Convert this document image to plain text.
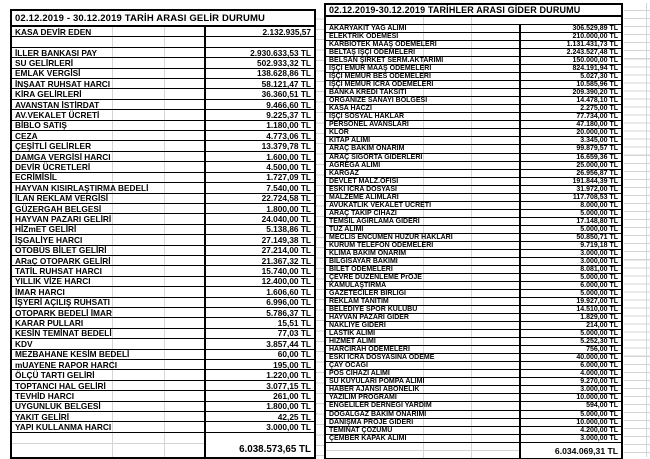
02.12.2019 - 30.12.2019 TARİH ARASI GELİR DURUMU
KASA DEVİR EDEN	2.132.935,57
İLLER BANKASI PAY	2.930.633,53 TL
SU GELİRLERİ	502.933,32 TL
EMLAK VERGİSİ	138.628,86 TL
İNŞAAT RUHSAT HARCI	58.121,47 TL
KİRA GELİRLERİ	36.360,51 TL
AVANSTAN İSTİRDAT	9.466,60 TL
AV.VEKALET ÜCRETİ	9.225,37 TL
BİBLO SATIŞ	1.180,00 TL
CEZA	4.773,06 TL
ÇEŞİTLİ GELİRLER	13.379,78 TL
DAMGA VERGİSİ HARCI	1.600,00 TL
DEVİR ÜCRETLERİ	4.500,00 TL
ECRİMİSİL	1.727,09 TL
HAYVAN KISIRLAŞTIRMA BEDELİ	7.540,00 TL
İLAN REKLAM VERGİSİ	22.724,58 TL
GÜZERGAH BELGESİ	1.800,00 TL
HAYVAN PAZARI GELİRİ	24.040,00 TL
HİZmET GELİRİ	5.138,86 TL
İŞGALİYE HARCI	27.149,38 TL
OTOBÜS BİLET GELİRİ	27.214,00 TL
ARaÇ OTOPARK GELİRİ	21.367,32 TL
TATİL RUHSAT HARCI	15.740,00 TL
YILLIK VİZE HARCI	12.400,00 TL
İMAR HARCI	1.606,60 TL
İŞYERİ AÇILIŞ RUHSATI	6.996,00 TL
OTOPARK BEDELİ İMAR	5.786,37 TL
KARAR PULLARI	15,51 TL
KESİN TEMİNAT BEDELİ	77,03 TL
KDV	3.857,44 TL
MEZBAHANE KESİM BEDELİ	60,00 TL
mUAYENE RAPOR HARCI	195,00 TL
ÖLÇÜ TARTI GELİRİ	1.220,00 TL
TOPTANCI HAL GELİRİ	3.077,15 TL
TEVHİD HARCI	261,00 TL
UYGUNLUK BELGESİ	1.800,00 TL
YAKIT GELİRİ	42,25 TL
YAPI KULLANMA HARCI	3.000,00 TL
6.038.573,65 TL
02.12.2019-30.12.2019 TARİHLER ARASI GİDER DURUMU
AKARYAKIT YAĞ ALIMI	306.529,89 TL
ELEKTRİK ÖDEMESİ	210.000,00 TL
KARBİOTEK MAAŞ ÖDEMELERİ	1.131.431,73 TL
BELTAŞ İŞÇİ ÖDEMELERİ	2.243.527,48 TL
BELSAN ŞİRKET SERM.AKTARIMI	150.000,00 TL
İŞÇİ EMUR MAAŞ ÖDEMELERİ	824.191,94 TL
İŞÇİ MEMUR BES ÖDEMELERİ	5.027,30 TL
İŞÇİ MEMUR İCRA ÖDEMELERİ	10.585,96 TL
BANKA KREDİ TAKSİTİ	209.390,20 TL
ORGANİZE SANAYİ BÖLGESİ	14.478,10 TL
KASA HACZİ	2.275,00 TL
İŞÇİ SOSYAL HAKLAR	77.734,00 TL
PERSONEL AVANSLARI	47.180,00 TL
KLOR	20.000,00 TL
KİTAP ALIMI	3.345,00 TL
ARAÇ BAKIM ONARIM	99.879,57 TL
ARAÇ SİGORTA GİDERLERİ	16.659,36 TL
AGREGA ALIMI	25.000,00 TL
KARGAZ	26.956,87 TL
DEVLET MALZ.OFİSİ	191.844,39 TL
ESKİ İCRA DOSYASI	31.972,00 TL
MALZEME ALIMLARI	117.708,53 TL
AVUKATLIK VEKALET ÜCRETİ	8.000,00 TL
ARAÇ TAKİP CİHAZI	5.000,00 TL
TEMSİL AĞIRLAMA GİDERİ	17.148,80 TL
TUZ ALIMI	5.000,00 TL
MECLİS ENCÜMEN HUZUR HAKLARI	50.850,71 TL
KURUM TELEFON ÖDEMELERİ	9.719,18 TL
KLİMA BAKIM ONARIM	3.000,00 TL
BİLGİSAYAR BAKIMI	3.000,00 TL
BİLET ÖDEMELERİ	8.081,00 TL
ÇEVRE DÜZENLEME PrOJE	5.000,00 TL
KAMULAŞTIRMA	6.000,00 TL
GAZETECİLER BİRLİĞİ	5.000,00 TL
REKLAM TANITIM	19.927,00 TL
BELEDİYE SPOR KULÜBÜ	14.510,00 TL
HAYVAN PAZARI GİDER	1.829,00 TL
NAKLİYE GİDERİ	214,00 TL
LASTİK ALIMI	5.000,00 TL
HİZMET ALIMI	5.252,30 TL
HARCIRAH ÖDEMELERİ	756,00 TL
ESKİ İCRA DOSYASINA ÖDEME	40.000,00 TL
ÇAY OCAĞI	6.000,00 TL
POS CİHAZI ALIMI	4.000,00 TL
SU KUYULARI POMPA ALIMI	9.270,00 TL
HABER AJANSI ABONELİK	3.000,00 TL
YAZILIM PROĞRAMI	10.000,00 TL
ENGELİLER DERNEĞİ YARDIM	594,00 TL
DOĞALGAZ BAKIM ONARIMI	5.000,00 TL
DANIŞMA PROJE GİDERİ	10.000,00 TL
TEMİNAT ÇÖZÜMÜ	4.200,00 TL
ÇEMBER KAPAK ALIMI	3.000,00 TL
6.034.069,31 TL
